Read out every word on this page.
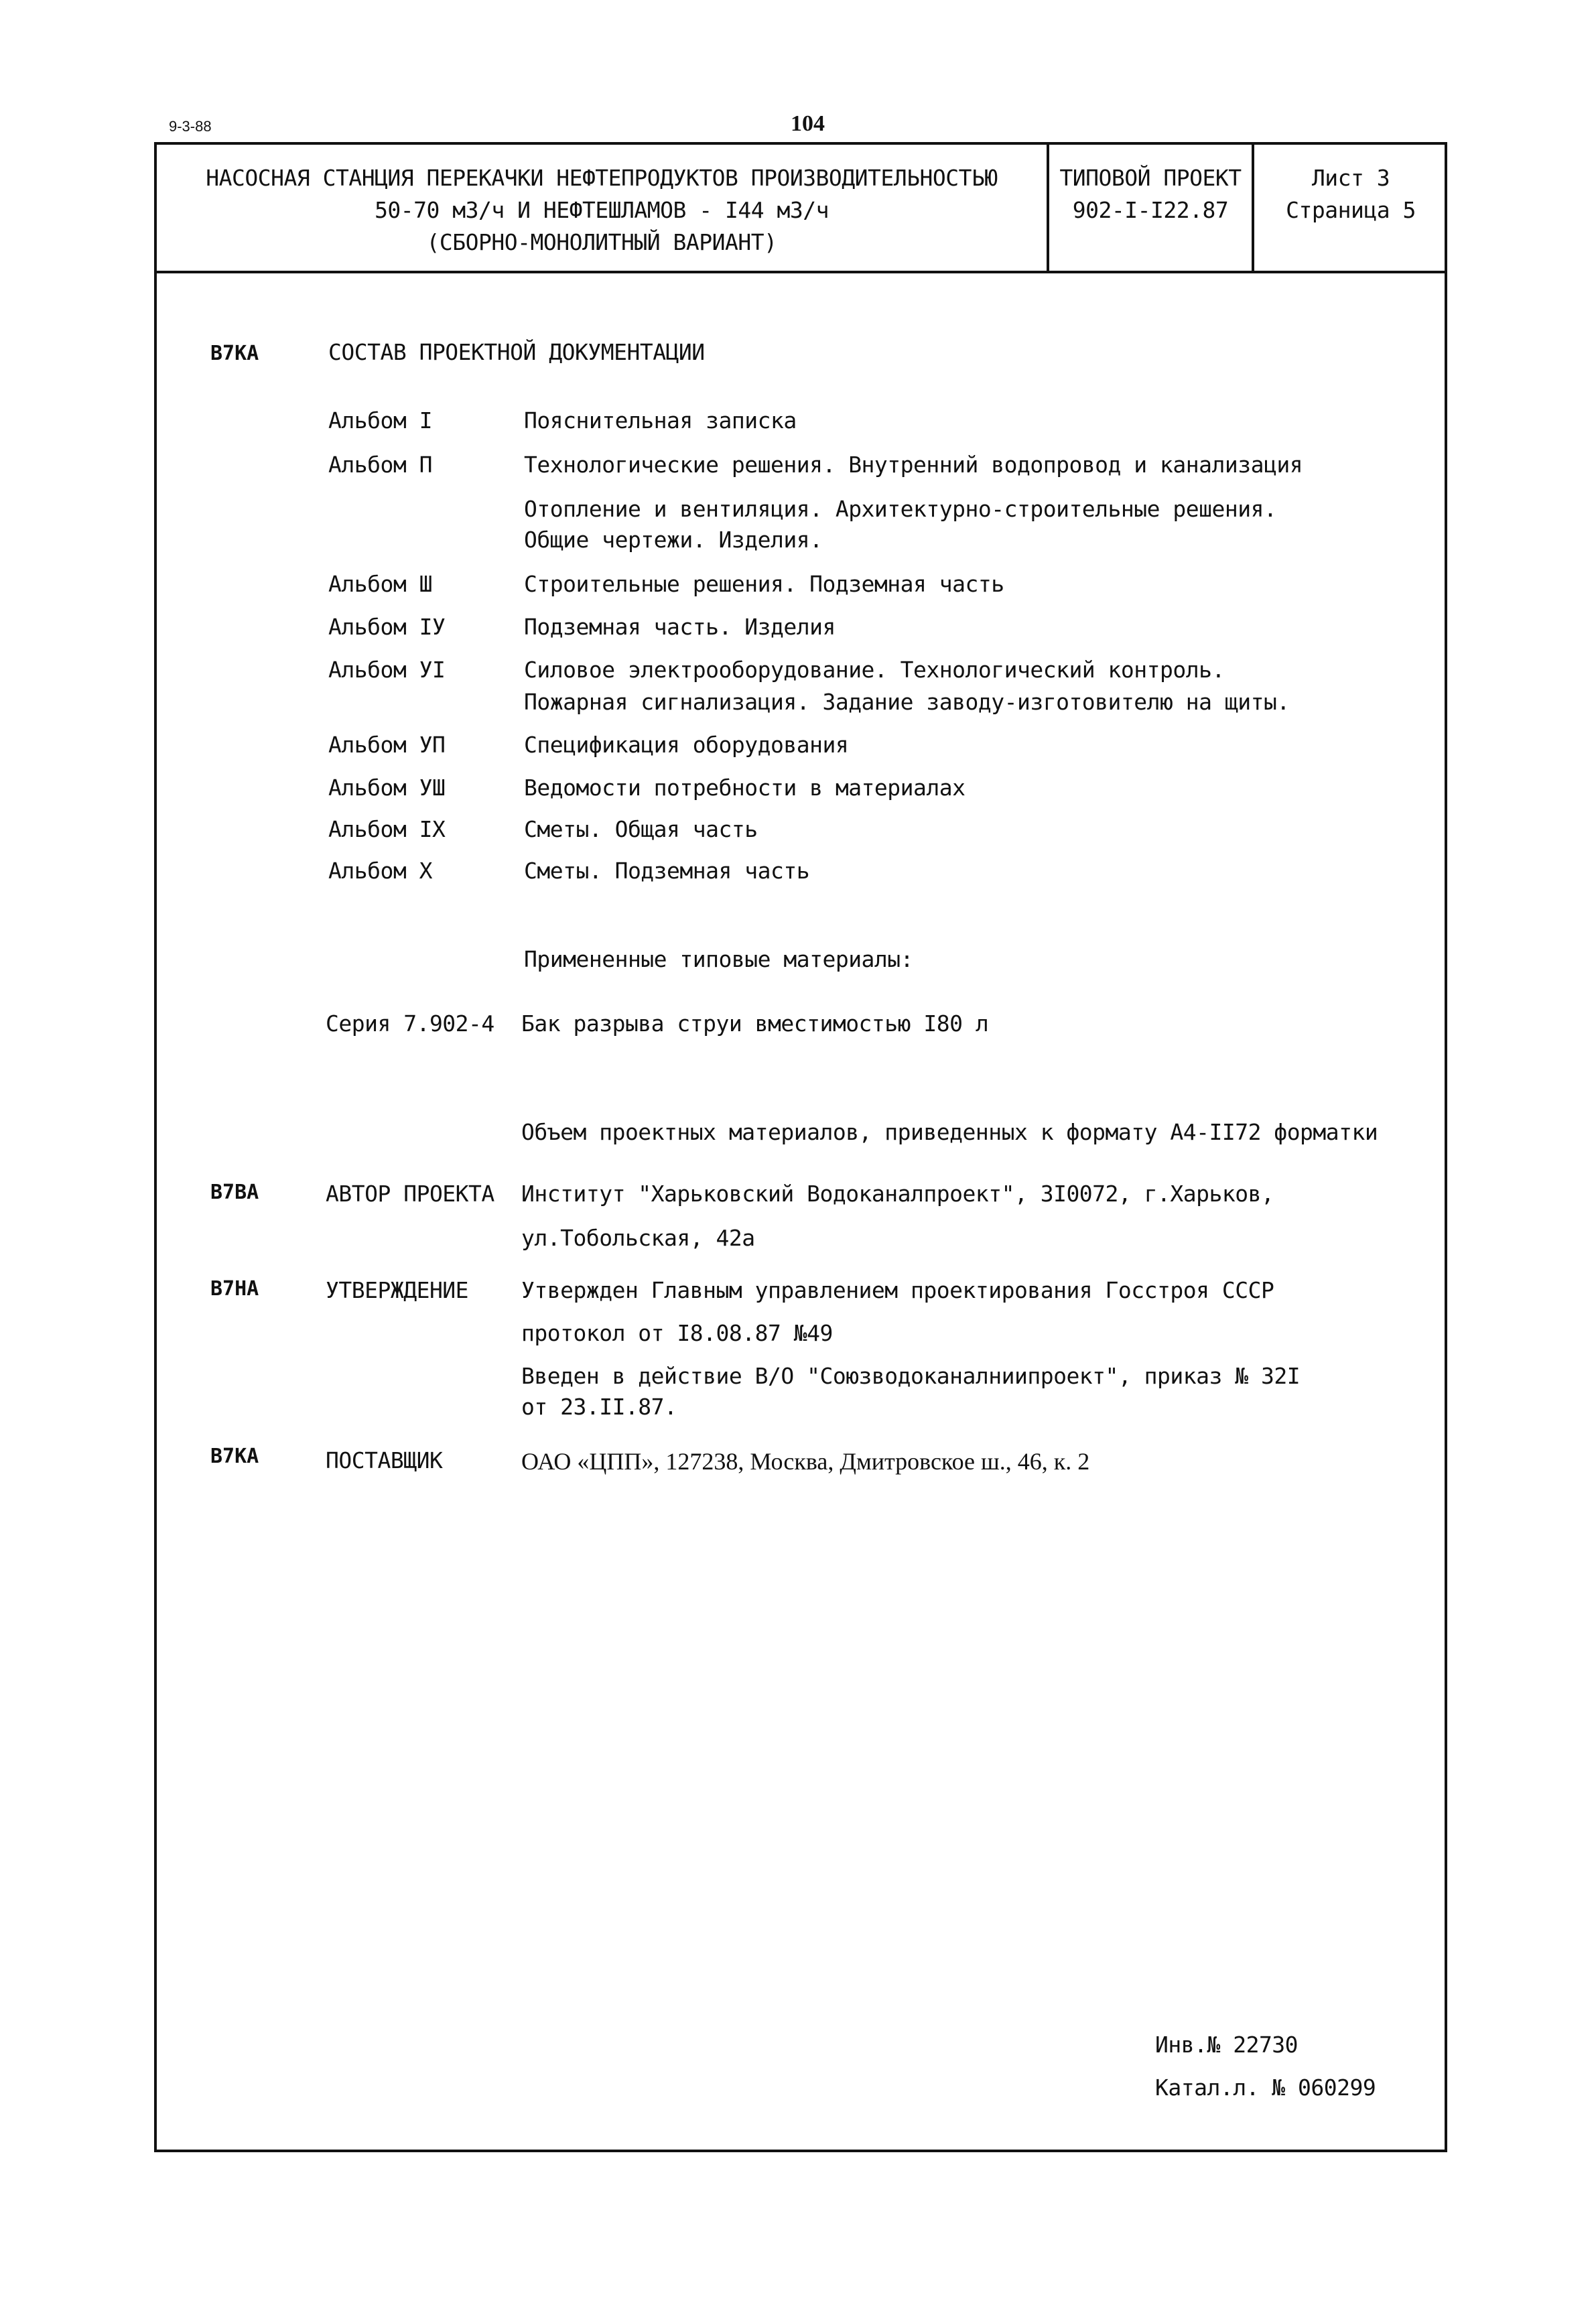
9-3-88	104
НАСОСНАЯ СТАНЦИЯ ПЕРЕКАЧКИ НЕФТЕПРОДУКТОВ ПРОИЗВОДИТЕЛЬНОСТЬЮ
50-70 м3/ч И НЕФТЕШЛАМОВ - I44 м3/ч
(СБОРНО-МОНОЛИТНЫЙ ВАРИАНТ)
ТИПОВОЙ ПРОЕКТ
902-I-I22.87
Лист 3
Страница 5
В7КА	СОСТАВ ПРОЕКТНОЙ ДОКУМЕНТАЦИИ
Альбом I	Пояснительная записка
Альбом П	Технологические решения. Внутренний водопровод и канализация
Отопление и вентиляция. Архитектурно-строительные решения.
Общие чертежи. Изделия.
Альбом Ш	Строительные решения. Подземная часть
Альбом IУ	Подземная часть. Изделия
Альбом УI	Силовое электрооборудование. Технологический контроль.
Пожарная сигнализация. Задание заводу-изготовителю на щиты.
Альбом УП	Спецификация оборудования
Альбом УШ	Ведомости потребности в материалах
Альбом IХ	Сметы. Общая часть
Альбом Х	Сметы. Подземная часть
Примененные типовые материалы:
Серия 7.902-4 Бак разрыва струи вместимостью I80 л
Объем проектных материалов, приведенных к формату А4-II72 форматки
В7ВА	АВТОР ПРОЕКТА Институт "Харьковский Водоканалпроект", 3I0072, г.Харьков,
ул.Тобольская, 42а
В7НА	УТВЕРЖДЕНИЕ Утвержден Главным управлением проектирования Госстроя СССР
протокол от I8.08.87 №49
Введен в действие В/О "Союзводоканалниипроект", приказ № 32I
от 23.II.87.
В7КА	ПОСТАВЩИК	ОАО «ЦПП», 127238, Москва, Дмитровское ш., 46, к. 2
Инв.№ 22730
Катал.л. № 060299
